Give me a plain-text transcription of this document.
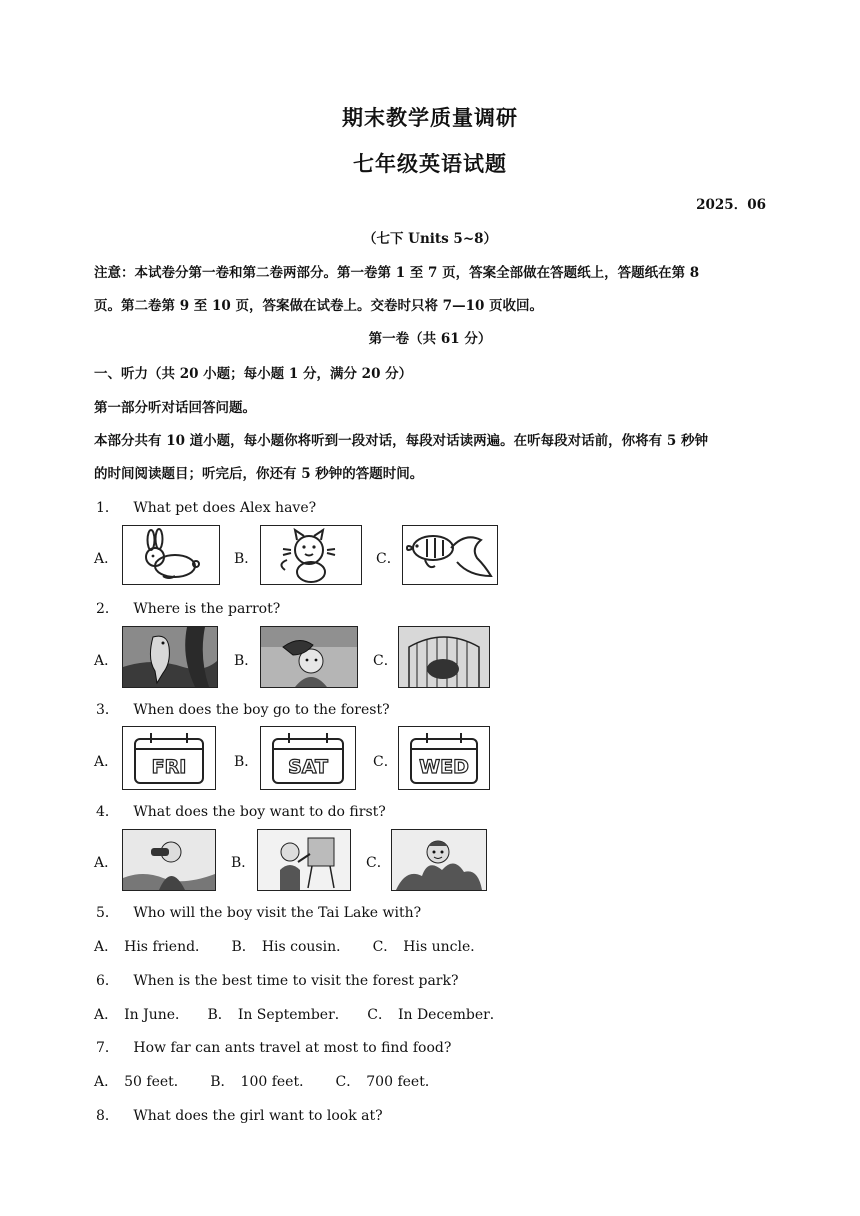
期末教学质量调研
七年级英语试题
2025．06
（七下 Units 5~8）
注意：本试卷分第一卷和第二卷两部分。第一卷第 1 至 7 页，答案全部做在答题纸上，答题纸在第 8
页。第二卷第 9 至 10 页，答案做在试卷上。交卷时只将 7—10 页收回。
第一卷（共 61 分）
一、听力（共 20 小题；每小题 1 分，满分 20 分）
第一部分听对话回答问题。
本部分共有 10 道小题，每小题你将听到一段对话，每段对话读两遍。在听每段对话前，你将有 5 秒钟
的时间阅读题目；听完后，你还有 5 秒钟的答题时间。
1． What pet does Alex have?
A．	B．	C．
2． Where is the parrot?
A．	B．	C．
3． When does the boy go to the forest?
A．	FRI	B．	SAT	C．	WED
4． What does the boy want to do first?
A．	B．	C．
5． Who will the boy visit the Tai Lake with?
A． His friend． B． His cousin． C． His uncle．
6． When is the best time to visit the forest park?
A． In June． B． In September． C． In December．
7． How far can ants travel at most to find food?
A． 50 feet． B． 100 feet． C． 700 feet．
8． What does the girl want to look at?
